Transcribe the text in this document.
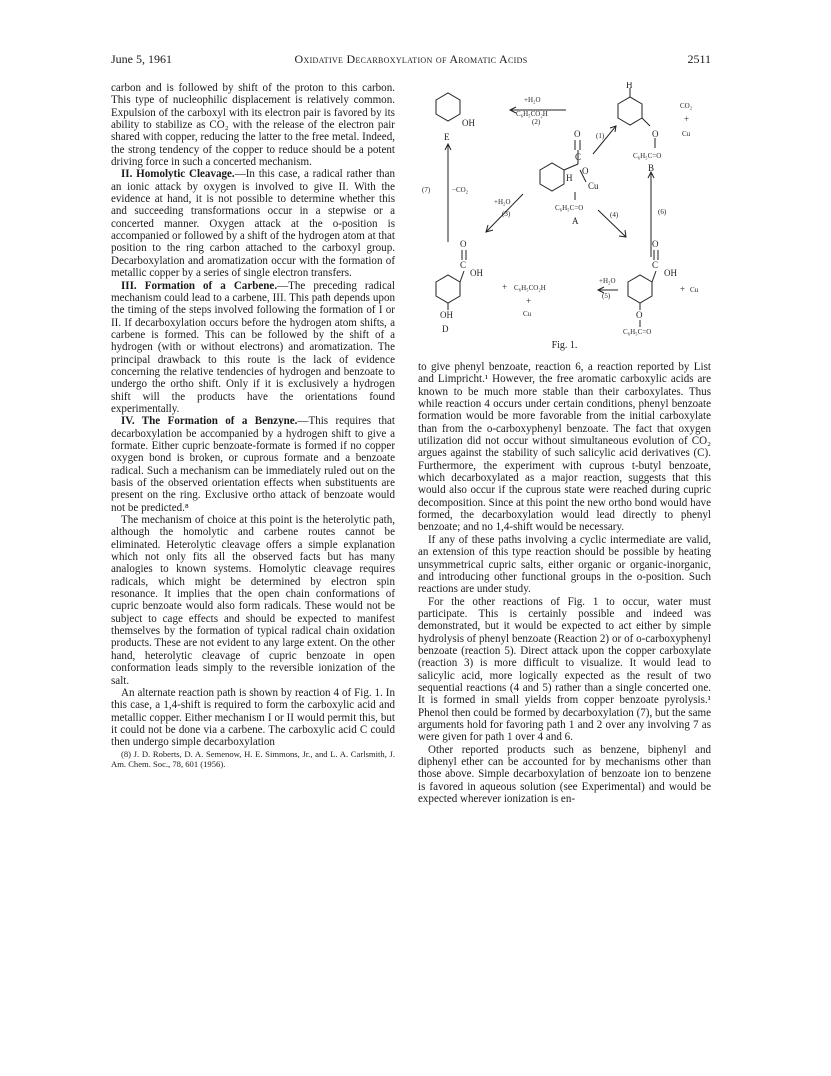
June 5, 1961	Oxidative Decarboxylation of Aromatic Acids	2511

carbon and is followed by shift of the proton to this carbon. This type of nucleophilic displacement is relatively common. Expulsion of the carboxyl with its electron pair is favored by its ability to stabilize as CO₂ with the release of the electron pair shared with copper, reducing the latter to the free metal. Indeed, the strong tendency of the copper to reduce should be a potent driving force in such a concerted mechanism.

II. Homolytic Cleavage.—In this case, a radical rather than an ionic attack by oxygen is involved to give II. With the evidence at hand, it is not possible to determine whether this and succeeding transformations occur in a stepwise or a concerted manner. Oxygen attack at the o-position is accompanied or followed by a shift of the hydrogen atom at that position to the ring carbon attached to the carboxyl group. Decarboxylation and aromatization occur with the formation of metallic copper by a series of single electron transfers.

III. Formation of a Carbene.—The preceding radical mechanism could lead to a carbene, III. This path depends upon the timing of the steps involved following the formation of I or II. If decarboxylation occurs before the hydrogen atom shifts, a carbene is formed. This can be followed by the shift of a hydrogen (with or without electrons) and aromatization. The principal drawback to this route is the lack of evidence concerning the relative tendencies of hydrogen and benzoate to undergo the ortho shift. Only if it is exclusively a hydrogen shift will the products have the orientations found experimentally.

IV. The Formation of a Benzyne.—This requires that decarboxylation be accompanied by a hydrogen shift to give a formate. Either cupric benzoate-formate is formed if no copper oxygen bond is broken, or cuprous formate and a benzoate radical. Such a mechanism can be immediately ruled out on the basis of the observed orientation effects when substituents are present on the ring. Exclusive ortho attack of benzoate would not be predicted.⁸

The mechanism of choice at this point is the heterolytic path, although the homolytic and carbene routes cannot be eliminated. Heterolytic cleavage offers a simple explanation which not only fits all the observed facts but has many analogies to known systems. Homolytic cleavage requires radicals, which might be determined by electron spin resonance. It implies that the open chain conformations of cupric benzoate would also form radicals. These would not be subject to cage effects and should be expected to manifest themselves by the formation of typical radical chain oxidation products. These are not evident to any large extent. On the other hand, heterolytic cleavage of cupric benzoate in open conformation leads simply to the reversible ionization of the salt.

An alternate reaction path is shown by reaction 4 of Fig. 1. In this case, a 1,4-shift is required to form the carboxylic acid and metallic copper. Either mechanism I or II would permit this, but it could not be done via a carbene. The carboxylic acid C could then undergo simple decarboxylation

(8) J. D. Roberts, D. A. Semenow, H. E. Simmons, Jr., and L. A. Carlsmith, J. Am. Chem. Soc., 78, 601 (1956).

OH
E
+H₂O
C₆H₅CO₂H
(2)
H
CO₂
+
Cu
O
C₆H₅C=O
B
(1)
O
C
H
O
Cu
C₆H₅C=O
A
(7)	−CO₂
+H₂O
(3)	(4)	(6)
O
C
OH
OH
D
+ C₆H₅CO₂H
+
Cu
+H₂O
(5)
O
C
OH
+ Cu
O
C₆H₅C=O
Fig. 1.

to give phenyl benzoate, reaction 6, a reaction reported by List and Limpricht.¹ However, the free aromatic carboxylic acids are known to be much more stable than their carboxylates. Thus while reaction 4 occurs under certain conditions, phenyl benzoate formation would be more favorable from the initial carboxylate than from the o-carboxyphenyl benzoate. The fact that oxygen utilization did not occur without simultaneous evolution of CO₂ argues against the stability of such salicylic acid derivatives (C). Furthermore, the experiment with cuprous t-butyl benzoate, which decarboxylated as a major reaction, suggests that this would also occur if the cuprous state were reached during cupric decomposition. Since at this point the new ortho bond would have formed, the decarboxylation would lead directly to phenyl benzoate; and no 1,4-shift would be necessary.

If any of these paths involving a cyclic intermediate are valid, an extension of this type reaction should be possible by heating unsymmetrical cupric salts, either organic or organic-inorganic, and introducing other functional groups in the o-position. Such reactions are under study.

For the other reactions of Fig. 1 to occur, water must participate. This is certainly possible and indeed was demonstrated, but it would be expected to act either by simple hydrolysis of phenyl benzoate (Reaction 2) or of o-carboxyphenyl benzoate (reaction 5). Direct attack upon the copper carboxylate (reaction 3) is more difficult to visualize. It would lead to salicylic acid, more logically expected as the result of two sequential reactions (4 and 5) rather than a single concerted one. It is formed in small yields from copper benzoate pyrolysis.¹ Phenol then could be formed by decarboxylation (7), but the same arguments hold for favoring path 1 and 2 over any involving 7 as were given for path 1 over 4 and 6.

Other reported products such as benzene, biphenyl and diphenyl ether can be accounted for by mechanisms other than those above. Simple decarboxylation of benzoate ion to benzene is favored in aqueous solution (see Experimental) and would be expected wherever ionization is en-
